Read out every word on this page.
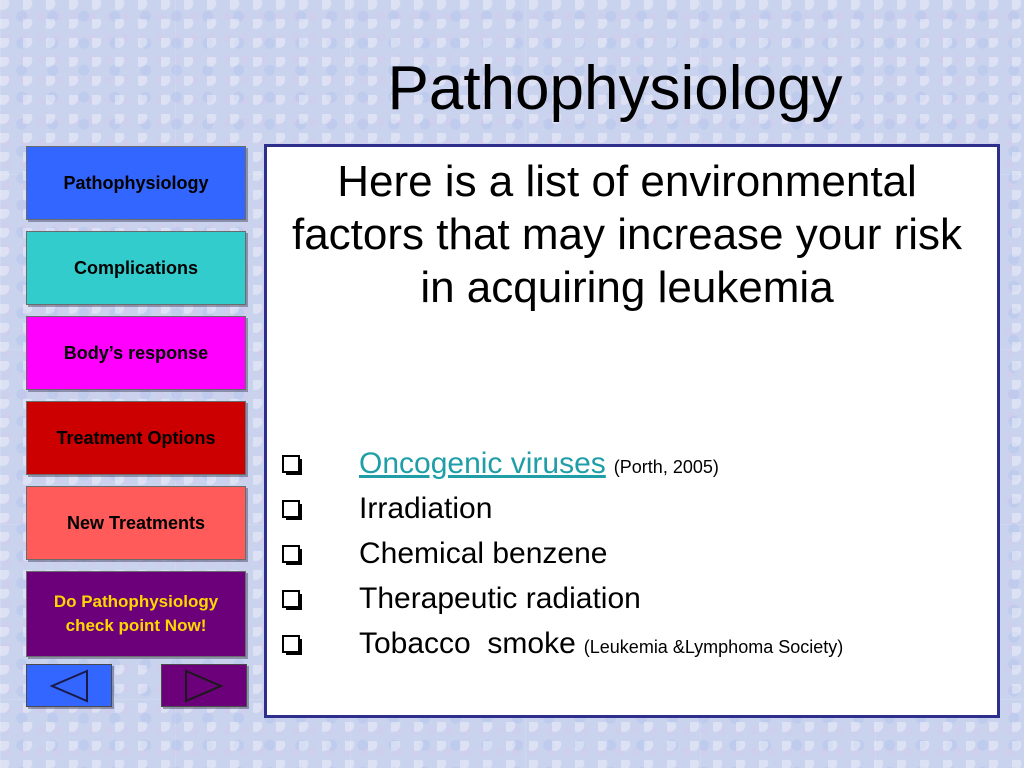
Pathophysiology
Pathophysiology
Complications
Body’s response
Treatment Options
New Treatments
Do Pathophysiology
check point Now!
Here is a list of environmental factors that may increase your risk in acquiring leukemia
Oncogenic viruses (Porth, 2005)
Irradiation
Chemical benzene
Therapeutic radiation
Tobacco  smoke (Leukemia &Lymphoma Society)
